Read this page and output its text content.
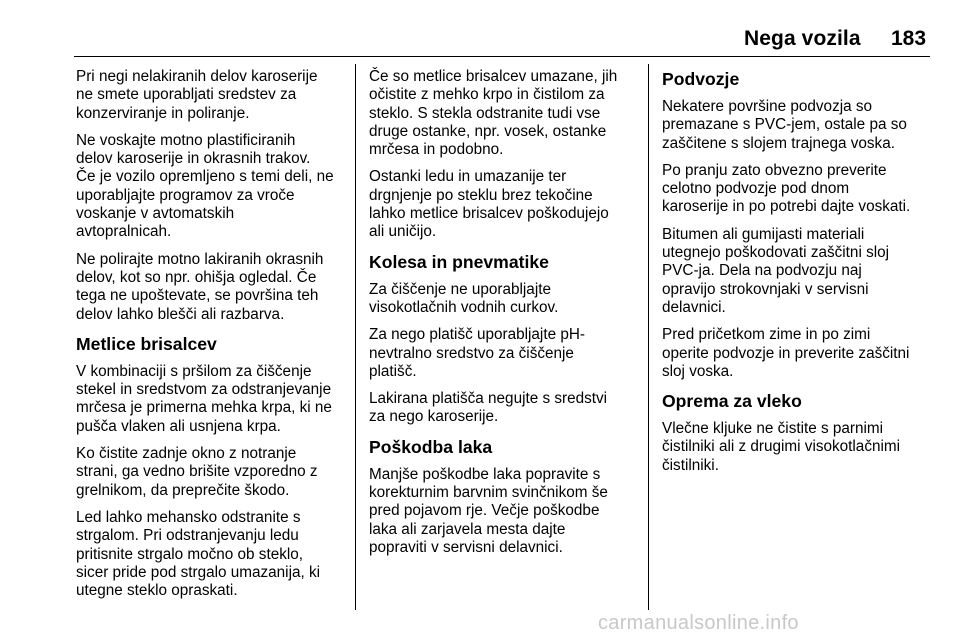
Nega vozila 183

Pri negi nelakiranih delov karoserije
ne smete uporabljati sredstev za
konzerviranje in poliranje.

Ne voskajte motno plastificiranih
delov karoserije in okrasnih trakov.
Če je vozilo opremljeno s temi deli, ne
uporabljajte programov za vroče
voskanje v avtomatskih
avtopralnicah.

Ne polirajte motno lakiranih okrasnih
delov, kot so npr. ohišja ogledal. Če
tega ne upoštevate, se površina teh
delov lahko blešči ali razbarva.

Metlice brisalcev

V kombinaciji s pršilom za čiščenje
stekel in sredstvom za odstranjevanje
mrčesa je primerna mehka krpa, ki ne
pušča vlaken ali usnjena krpa.

Ko čistite zadnje okno z notranje
strani, ga vedno brišite vzporedno z
grelnikom, da preprečite škodo.

Led lahko mehansko odstranite s
strgalom. Pri odstranjevanju ledu
pritisnite strgalo močno ob steklo,
sicer pride pod strgalo umazanija, ki
utegne steklo opraskati.

Če so metlice brisalcev umazane, jih
očistite z mehko krpo in čistilom za
steklo. S stekla odstranite tudi vse
druge ostanke, npr. vosek, ostanke
mrčesa in podobno.

Ostanki ledu in umazanije ter
drgnjenje po steklu brez tekočine
lahko metlice brisalcev poškodujejo
ali uničijo.

Kolesa in pnevmatike

Za čiščenje ne uporabljajte
visokotlačnih vodnih curkov.

Za nego platišč uporabljajte pH-
nevtralno sredstvo za čiščenje
platišč.

Lakirana platišča negujte s sredstvi
za nego karoserije.

Poškodba laka

Manjše poškodbe laka popravite s
korekturnim barvnim svinčnikom še
pred pojavom rje. Večje poškodbe
laka ali zarjavela mesta dajte
popraviti v servisni delavnici.

Podvozje

Nekatere površine podvozja so
premazane s PVC-jem, ostale pa so
zaščitene s slojem trajnega voska.

Po pranju zato obvezno preverite
celotno podvozje pod dnom
karoserije in po potrebi dajte voskati.

Bitumen ali gumijasti materiali
utegnejo poškodovati zaščitni sloj
PVC-ja. Dela na podvozju naj
opravijo strokovnjaki v servisni
delavnici.

Pred pričetkom zime in po zimi
operite podvozje in preverite zaščitni
sloj voska.

Oprema za vleko

Vlečne kljuke ne čistite s parnimi
čistilniki ali z drugimi visokotlačnimi
čistilniki.

carmanualsonline.info
